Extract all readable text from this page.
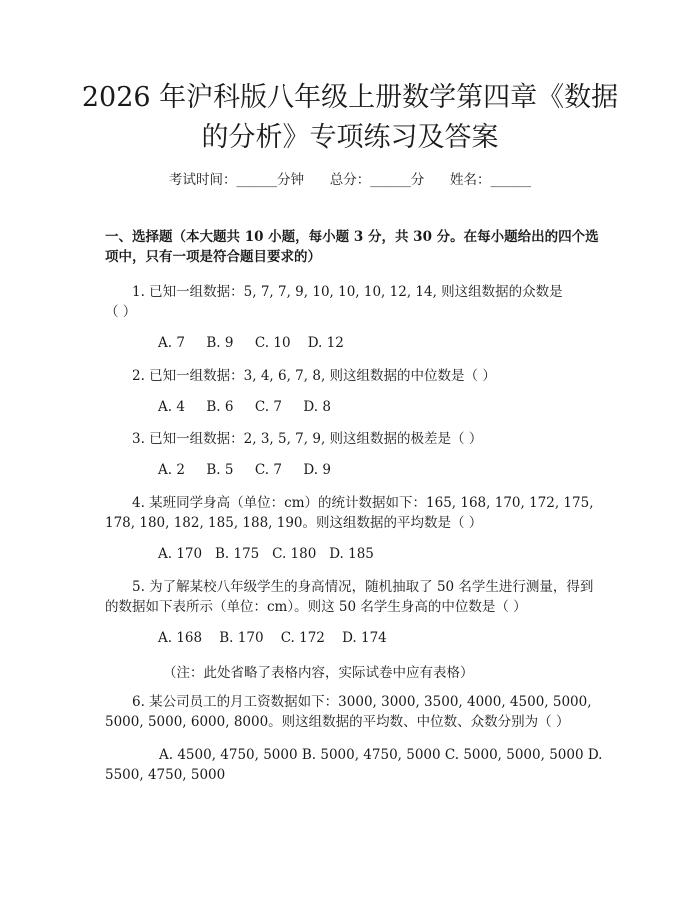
2026 年沪科版八年级上册数学第四章《数据
的分析》专项练习及答案
考试时间：______分钟      总分：______分      姓名：______
一、选择题（本大题共 10 小题，每小题 3 分，共 30 分。在每小题给出的四个选
项中，只有一项是符合题目要求的）
1. 已知一组数据：5, 7, 7, 9, 10, 10, 10, 12, 14, 则这组数据的众数是
（ ）
A. 7     B. 9     C. 10    D. 12
2. 已知一组数据：3, 4, 6, 7, 8, 则这组数据的中位数是（ ）
A. 4     B. 6     C. 7     D. 8
3. 已知一组数据：2, 3, 5, 7, 9, 则这组数据的极差是（ ）
A. 2     B. 5     C. 7     D. 9
4. 某班同学身高（单位：cm）的统计数据如下：165, 168, 170, 172, 175,
178, 180, 182, 185, 188, 190。则这组数据的平均数是（ ）
A. 170   B. 175   C. 180   D. 185
5. 为了解某校八年级学生的身高情况，随机抽取了 50 名学生进行测量，得到
的数据如下表所示（单位：cm）。则这 50 名学生身高的中位数是（ ）
A. 168    B. 170    C. 172    D. 174
（注：此处省略了表格内容，实际试卷中应有表格）
6. 某公司员工的月工资数据如下：3000, 3000, 3500, 4000, 4500, 5000,
5000, 5000, 6000, 8000。则这组数据的平均数、中位数、众数分别为（ ）
A. 4500, 4750, 5000 B. 5000, 4750, 5000 C. 5000, 5000, 5000 D.
5500, 4750, 5000
